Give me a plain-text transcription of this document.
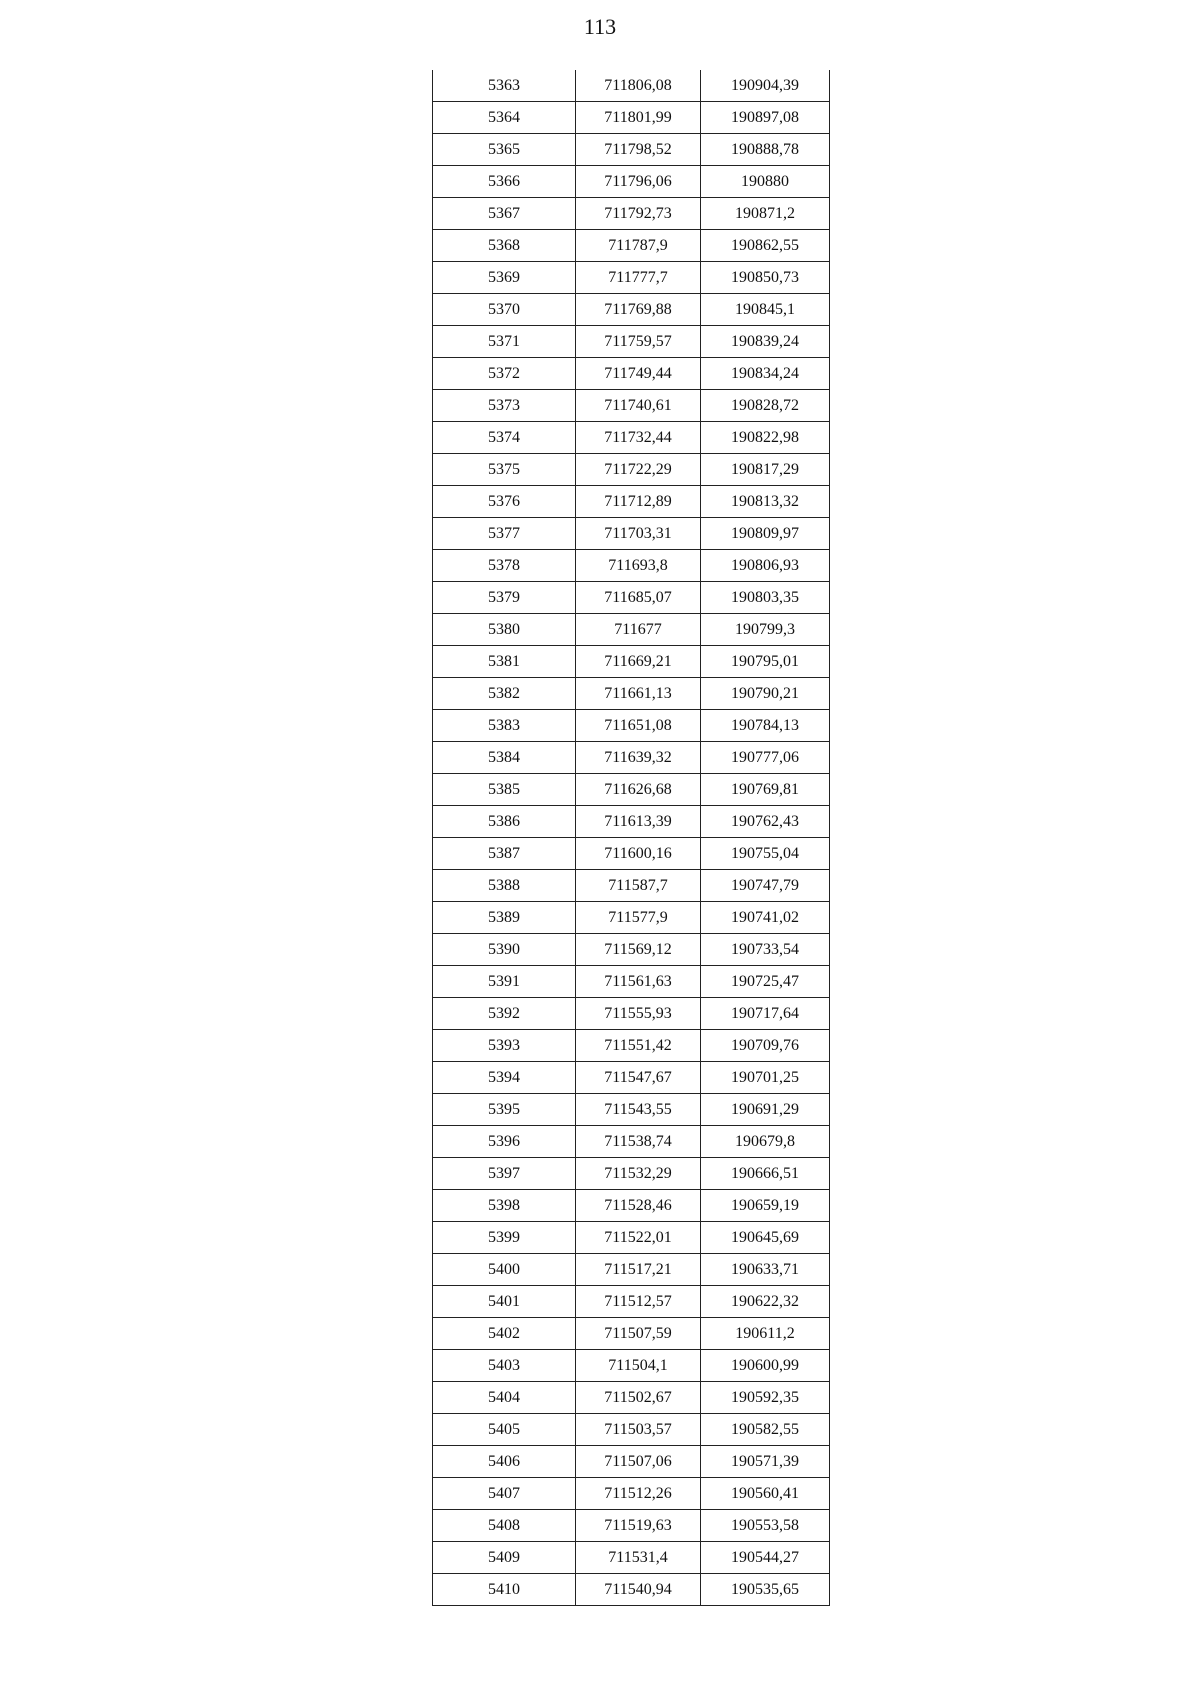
113
5363	711806,08	190904,39
5364	711801,99	190897,08
5365	711798,52	190888,78
5366	711796,06	190880
5367	711792,73	190871,2
5368	711787,9	190862,55
5369	711777,7	190850,73
5370	711769,88	190845,1
5371	711759,57	190839,24
5372	711749,44	190834,24
5373	711740,61	190828,72
5374	711732,44	190822,98
5375	711722,29	190817,29
5376	711712,89	190813,32
5377	711703,31	190809,97
5378	711693,8	190806,93
5379	711685,07	190803,35
5380	711677	190799,3
5381	711669,21	190795,01
5382	711661,13	190790,21
5383	711651,08	190784,13
5384	711639,32	190777,06
5385	711626,68	190769,81
5386	711613,39	190762,43
5387	711600,16	190755,04
5388	711587,7	190747,79
5389	711577,9	190741,02
5390	711569,12	190733,54
5391	711561,63	190725,47
5392	711555,93	190717,64
5393	711551,42	190709,76
5394	711547,67	190701,25
5395	711543,55	190691,29
5396	711538,74	190679,8
5397	711532,29	190666,51
5398	711528,46	190659,19
5399	711522,01	190645,69
5400	711517,21	190633,71
5401	711512,57	190622,32
5402	711507,59	190611,2
5403	711504,1	190600,99
5404	711502,67	190592,35
5405	711503,57	190582,55
5406	711507,06	190571,39
5407	711512,26	190560,41
5408	711519,63	190553,58
5409	711531,4	190544,27
5410	711540,94	190535,65
